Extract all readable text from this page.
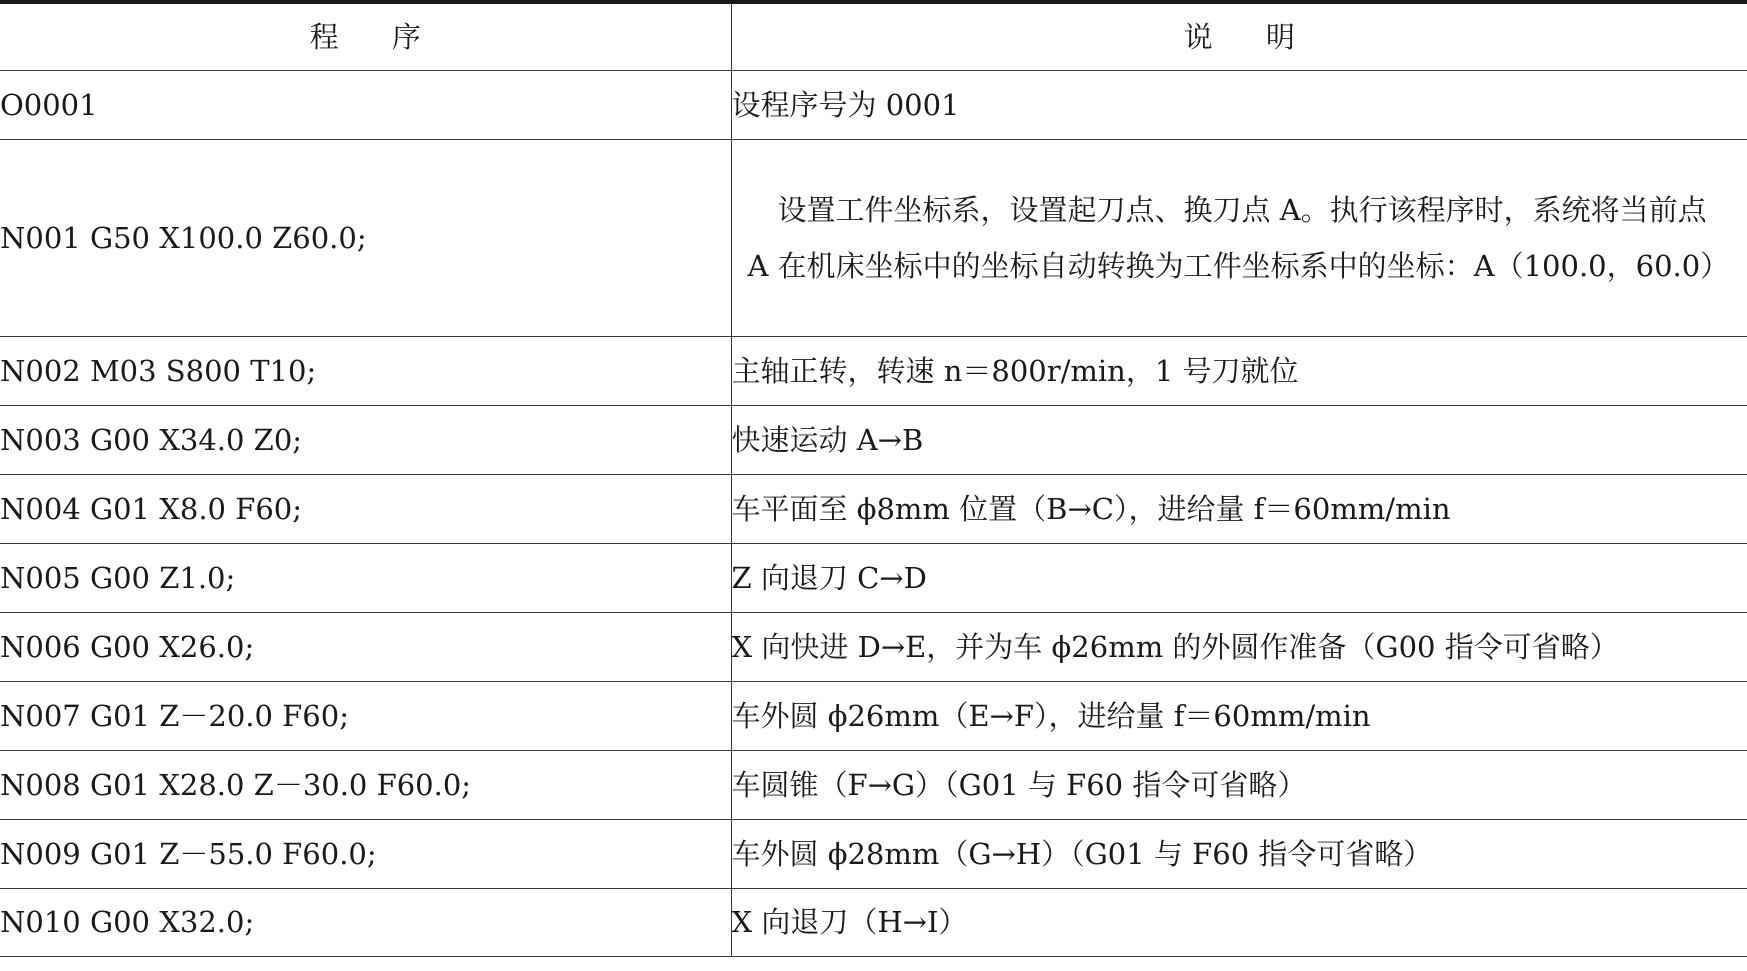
程 序	说 明
O0001	设程序号为 0001
N001 G50 X100.0 Z60.0;	设置工件坐标系，设置起刀点、换刀点 A。执行该程序时，系统将当前点 A 在机床坐标中的坐标自动转换为工件坐标系中的坐标：A（100.0，60.0）

N002 M03 S800 T10;	主轴正转，转速 n＝800r/min，1 号刀就位
N003 G00 X34.0 Z0;	快速运动 A→B
N004 G01 X8.0 F60;	车平面至 ϕ8mm 位置（B→C），进给量 f＝60mm/min
N005 G00 Z1.0;	Z 向退刀 C→D
N006 G00 X26.0;	X 向快进 D→E，并为车 ϕ26mm 的外圆作准备（G00 指令可省略）
N007 G01 Z－20.0 F60;	车外圆 ϕ26mm（E→F），进给量 f＝60mm/min
N008 G01 X28.0 Z－30.0 F60.0;	车圆锥（F→G）（G01 与 F60 指令可省略）
N009 G01 Z－55.0 F60.0;	车外圆 ϕ28mm（G→H）（G01 与 F60 指令可省略）
N010 G00 X32.0;	X 向退刀（H→I）
